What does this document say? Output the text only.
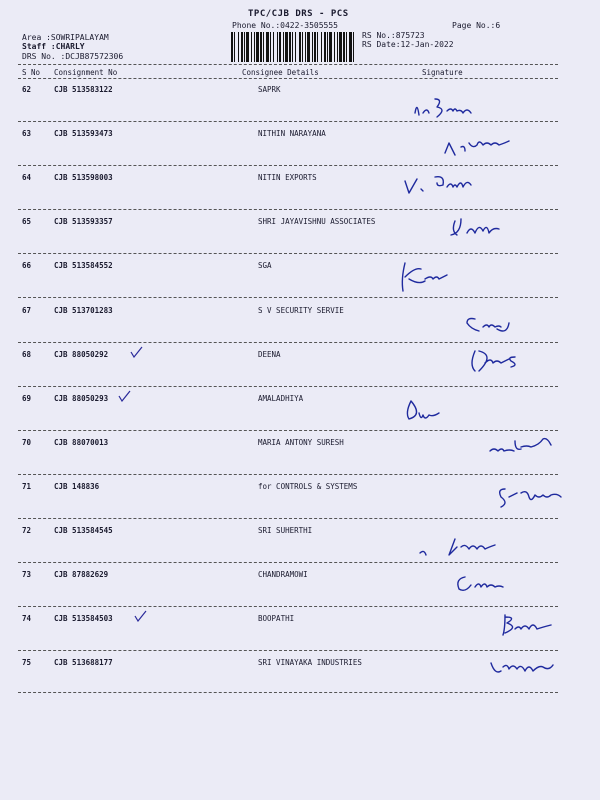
TPC/CJB DRS - PCS
Phone No.:0422-3505555	Page No.:6
Area :SOWRIPALAYAM
Staff :CHARLY
DRS No. :DCJB87572306
RS No.:875723
RS Date:12-Jan-2022
S No Consignment No	Consignee Details	Signature
62	CJB 513583122	SAPRK
63	CJB 513593473	NITHIN NARAYANA
64	CJB 513598003	NITIN EXPORTS
65	CJB 513593357	SHRI JAYAVISHNU ASSOCIATES
66	CJB 513584552	SGA
67	CJB 513701283	S V SECURITY SERVIE
68	CJB 88050292	DEENA
69	CJB 88050293	AMALADHIYA
70	CJB 88070013	MARIA ANTONY SURESH
71	CJB 148836	for CONTROLS & SYSTEMS
72	CJB 513584545	SRI SUHERTHI
73	CJB 87882629	CHANDRAMOWI
74	CJB 513584503	BOOPATHI
75	CJB 513688177	SRI VINAYAKA INDUSTRIES
